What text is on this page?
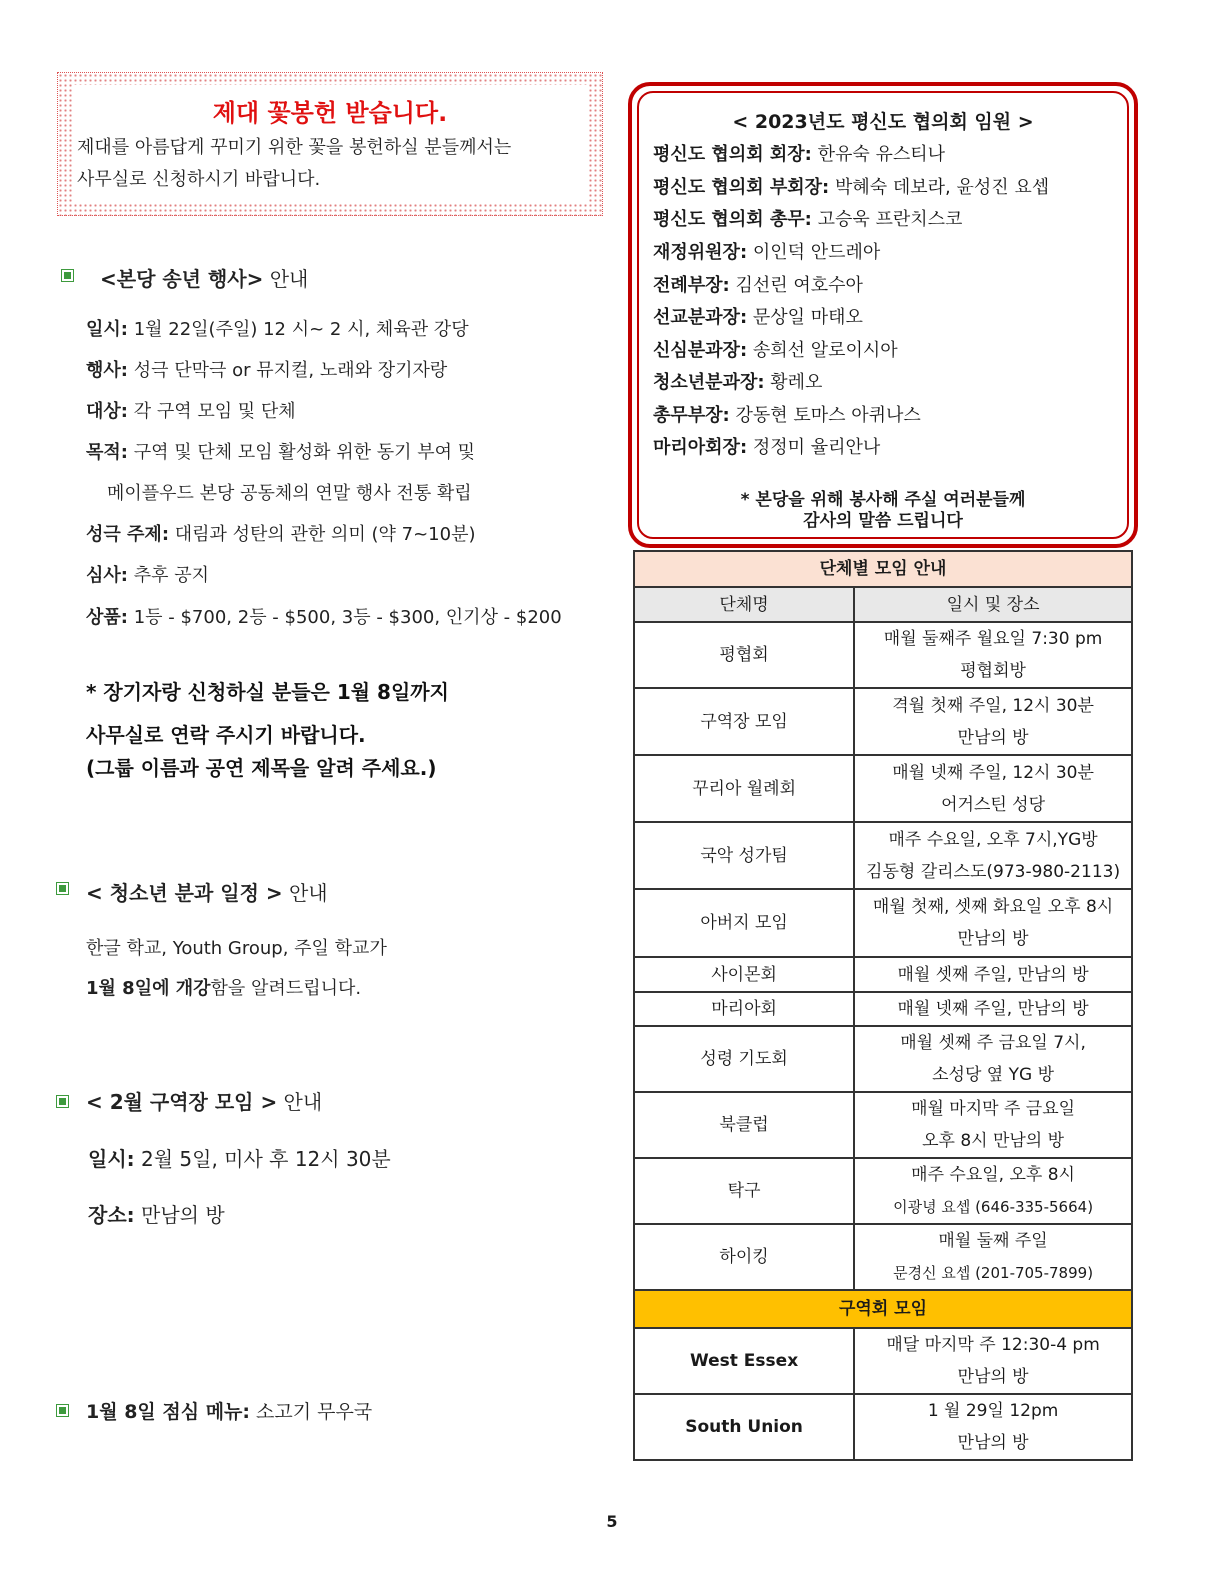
제대 꽃봉헌 받습니다.
제대를 아름답게 꾸미기 위한 꽃을 봉헌하실 분들께서는
사무실로 신청하시기 바랍니다.
<본당 송년 행사> 안내
일시: 1월 22일(주일) 12 시~ 2 시, 체육관 강당
행사: 성극 단막극 or 뮤지컬, 노래와 장기자랑
대상: 각 구역 모임 및 단체
목적: 구역 및 단체 모임 활성화 위한 동기 부여 및
메이플우드 본당 공동체의 연말 행사 전통 확립
성극 주제: 대림과 성탄의 관한 의미 (약 7~10분)
심사: 추후 공지
상품: 1등 - $700, 2등 - $500, 3등 - $300, 인기상 - $200
* 장기자랑 신청하실 분들은 1월 8일까지
사무실로 연락 주시기 바랍니다.
(그룹 이름과 공연 제목을 알려 주세요.)
< 청소년 분과 일정 > 안내
한글 학교, Youth Group, 주일 학교가
1월 8일에 개강함을 알려드립니다.
< 2월 구역장 모임 > 안내
일시: 2월 5일, 미사 후 12시 30분
장소: 만남의 방
1월 8일 점심 메뉴: 소고기 무우국
< 2023년도 평신도 협의회 임원 >
평신도 협의회 회장: 한유숙 유스티나
평신도 협의회 부회장: 박혜숙 데보라, 윤성진 요셉
평신도 협의회 총무: 고승욱 프란치스코
재정위원장: 이인덕 안드레아
전례부장: 김선린 여호수아
선교분과장: 문상일 마태오
신심분과장: 송희선 알로이시아
청소년분과장: 황레오
총무부장: 강동현 토마스 아퀴나스
마리아회장: 정정미 율리안나
* 본당을 위해 봉사해 주실 여러분들께
감사의 말씀 드립니다
단체별 모임 안내	
단체명	일시 및 장소
평협회	매월 둘째주 월요일 7:30 pm
평협회방

구역장 모임	격월 첫째 주일, 12시 30분
만남의 방

꾸리아 월례회	매월 넷째 주일, 12시 30분
어거스틴 성당

국악 성가팀	매주 수요일, 오후 7시,YG방
김동형 갈리스도(973-980-2113)

아버지 모임	매월 첫째, 셋째 화요일 오후 8시
만남의 방

사이몬회	매월 셋째 주일, 만남의 방
마리아회	매월 넷째 주일, 만남의 방
성령 기도회	매월 셋째 주 금요일 7시,
소성당 옆 YG 방

북클럽	매월 마지막 주 금요일
오후 8시 만남의 방

탁구	매주 수요일, 오후 8시
이광녕 요셉 (646-335-5664)

하이킹	매월 둘째 주일
문경신 요셉 (201-705-7899)

구역회 모임	
West Essex	매달 마지막 주 12:30-4 pm
만남의 방

South Union	1 월 29일 12pm
만남의 방
5
